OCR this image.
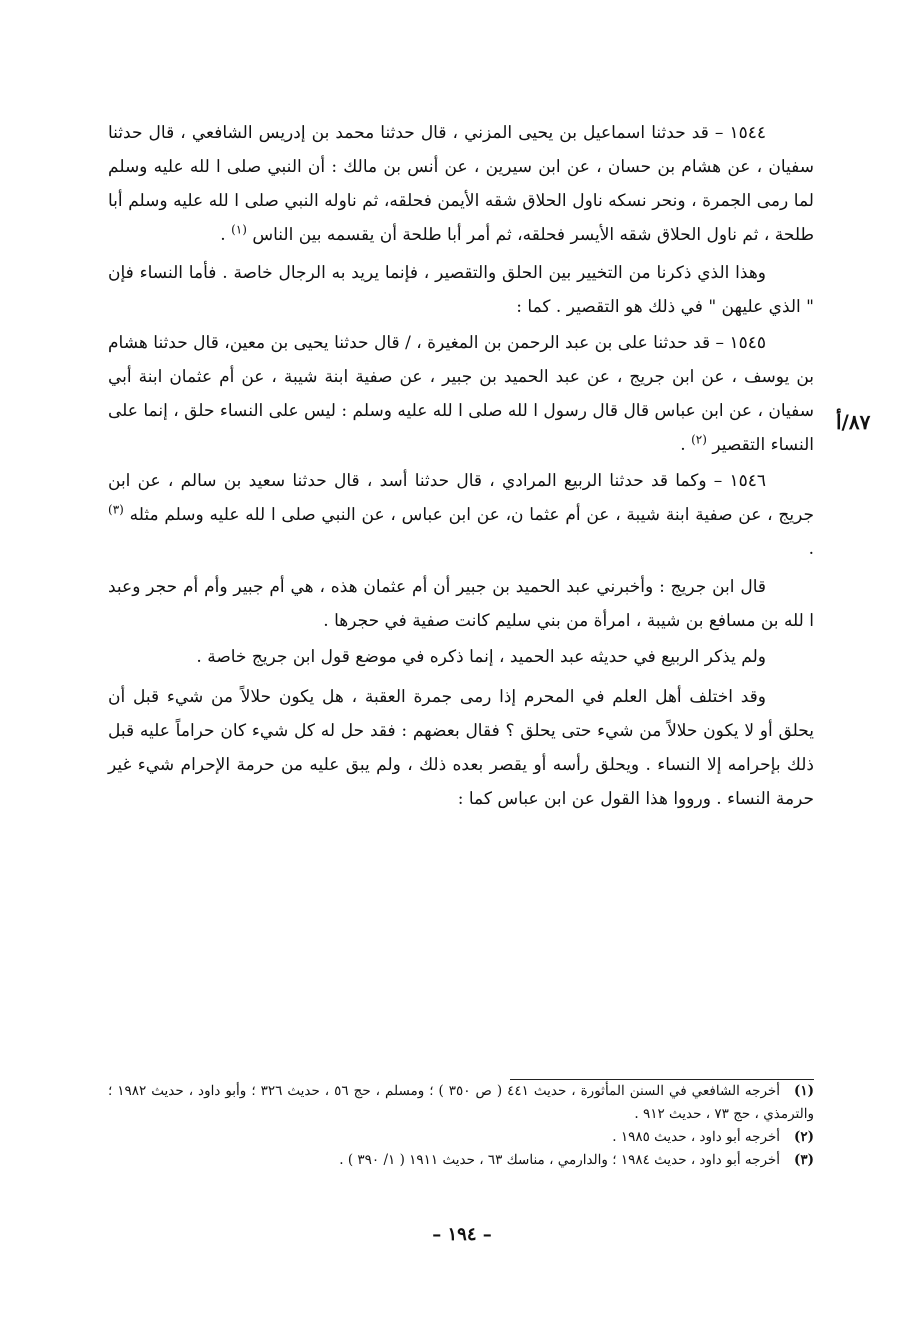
٨٧/أ

١٥٤٤ – قد حدثنا اسماعيل بن يحيى المزني ، قال حدثنا محمد بن إدريس الشافعي ، قال حدثنا سفيان ، عن هشام بن حسان ، عن ابن سيرين ، عن أنس بن مالك : أن النبي صلى ا لله عليه وسلم لما رمى الجمرة ، ونحر نسكه ناول الحلاق شقه الأيمن فحلقه، ثم ناوله النبي صلى ا لله عليه وسلم أبا طلحة ، ثم ناول الحلاق شقه الأيسر فحلقه، ثم أمر أبا طلحة أن يقسمه بين الناس $^{(١)}$ .

وهذا الذي ذكرنا من التخيير بين الحلق والتقصير ، فإنما يريد به الرجال خاصة . فأما النساء فإن " الذي عليهن " في ذلك هو التقصير . كما :

١٥٤٥ – قد حدثنا على بن عبد الرحمن بن المغيرة ، / قال حدثنا يحيى بن معين، قال حدثنا هشام بن يوسف ، عن ابن جريج ، عن عبد الحميد بن جبير ، عن صفية ابنة شيبة ، عن أم عثمان ابنة أبي سفيان ، عن ابن عباس قال قال رسول ا لله صلى ا لله عليه وسلم : ليس على النساء حلق ، إنما على النساء التقصير $^{(٢)}$ .

١٥٤٦ – وكما قد حدثنا الربيع المرادي ، قال حدثنا أسد ، قال حدثنا سعيد بن سالم ، عن ابن جريج ، عن صفية ابنة شيبة ، عن أم عثما ن، عن ابن عباس ، عن النبي صلى ا لله عليه وسلم مثله $^{(٣)}$ .

قال ابن جريج : وأخبرني عبد الحميد بن جبير أن أم عثمان هذه ، هي أم جبير وأم أم حجر وعبد ا لله بن مسافع بن شيبة ، امرأة من بني سليم كانت صفية في حجرها .

ولم يذكر الربيع في حديثه عبد الحميد ، إنما ذكره في موضع قول ابن جريج خاصة .

وقد اختلف أهل العلم في المحرم إذا رمى جمرة العقبة ، هل يكون حلالاً من شيء قبل أن يحلق أو لا يكون حلالاً من شيء حتى يحلق ؟ فقال بعضهم : فقد حل له كل شيء كان حراماً عليه قبل ذلك بإحرامه إلا النساء . ويحلق رأسه أو يقصر بعده ذلك ، ولم يبق عليه من حرمة الإحرام شيء غير حرمة النساء . ورووا هذا القول عن ابن عباس كما :

(١)أخرجه الشافعي في السنن المأثورة ، حديث ٤٤١ ( ص ٣٥٠ ) ؛ ومسلم ، حج ٥٦ ، حديث ٣٢٦ ؛ وأبو داود ، حديث ١٩٨٢ ؛ والترمذي ، حج ٧٣ ، حديث ٩١٢ .

(٢)أخرجه أبو داود ، حديث ١٩٨٥ .

(٣)أخرجه أبو داود ، حديث ١٩٨٤ ؛ والدارمي ، مناسك ٦٣ ، حديث ١٩١١ ( ١/ ٣٩٠ ) .

– ١٩٤ –
